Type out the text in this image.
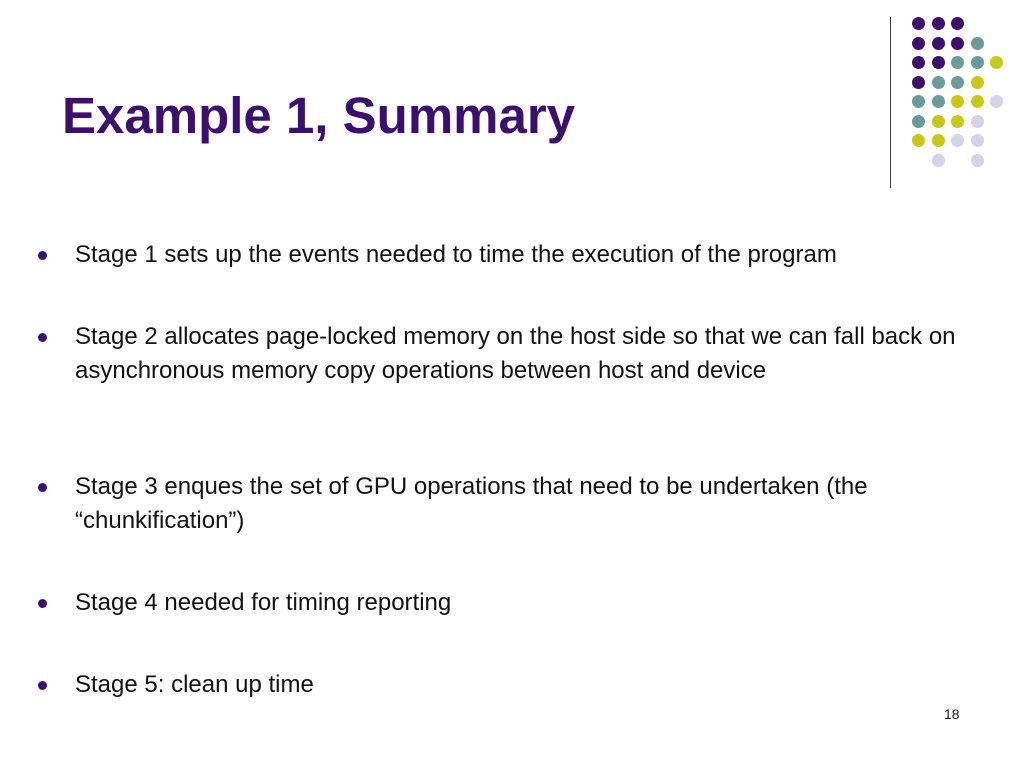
Example 1, Summary
Stage 1 sets up the events needed to time the execution of the program
Stage 2 allocates page-locked memory on the host side so that we can fall back on asynchronous memory copy operations between host and device
Stage 3 enques the set of GPU operations that need to be undertaken (the “chunkification”)
Stage 4 needed for timing reporting
Stage 5: clean up time
18
